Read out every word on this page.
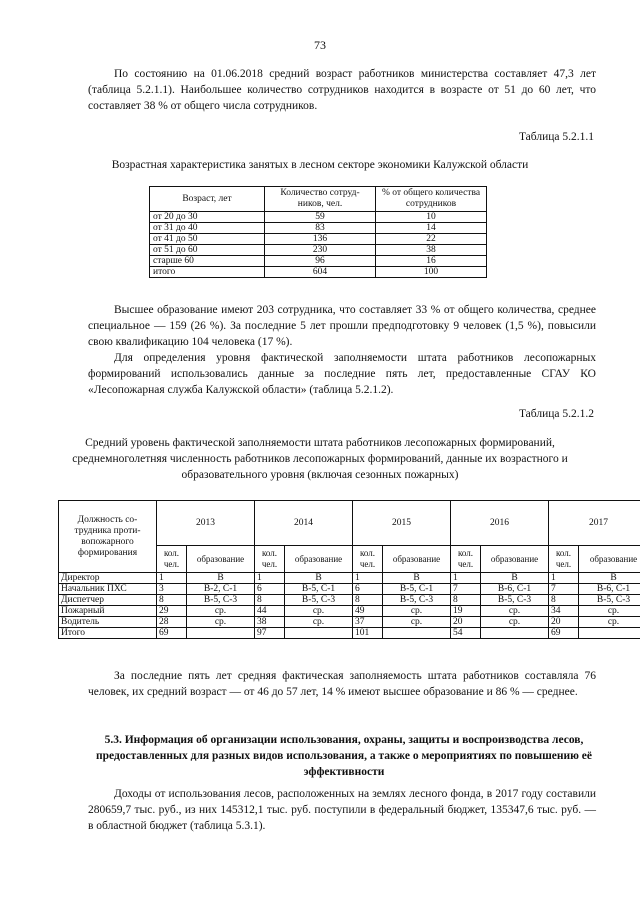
73

По состоянию на 01.06.2018 средний возраст работников министерства составляет 47,3 лет (таблица 5.2.1.1). Наибольшее количество сотрудников находится в возрасте от 51 до 60 лет, что составляет 38 % от общего числа сотрудников.

Таблица 5.2.1.1
Возрастная характеристика занятых в лесном секторе экономики Калужской области
Возраст, лет	Количество сотруд-ников, чел.	% от общего количества сотрудников
от 20 до 30	59	10
от 31 до 40	83	14
от 41 до 50	136	22
от 51 до 60	230	38
старше 60	96	16
итого	604	100

Высшее образование имеют 203 сотрудника, что составляет 33 % от общего количества, среднее специальное — 159 (26 %). За последние 5 лет прошли предподготовку 9 человек (1,5 %), повысили свою квалификацию 104 человека (17 %).

Для определения уровня фактической заполняемости штата работников лесопожарных формирований использовались данные за последние пять лет, предоставленные СГАУ КО «Лесопожарная служба Калужской области» (таблица 5.2.1.2).

Таблица 5.2.1.2
Средний уровень фактической заполняемости штата работников лесопожарных формирований, среднемноголетняя численность работников лесопожарных формирований, данные их возрастного и образовательного уровня (включая сезонных пожарных)
Должность со-трудника проти-вопожарного формирования	2013		2014		2015		2016		2017	
	кол. чел.	образование	кол. чел.	образование	кол. чел.	образование	кол. чел.	образование	кол. чел.	образование
Директор	1	В	1	В	1	В	1	В	1	В
Начальник ПХС	3	В-2, С-1	6	В-5, С-1	6	В-5, С-1	7	В-6, С-1	7	В-6, С-1
Диспетчер	8	В-5, С-3	8	В-5, С-3	8	В-5, С-3	8	В-5, С-3	8	В-5, С-3
Пожарный	29	ср.	44	ср.	49	ср.	19	ср.	34	ср.
Водитель	28	ср.	38	ср.	37	ср.	20	ср.	20	ср.
Итого	69		97		101		54		69	

За последние пять лет средняя фактическая заполняемость штата работников составляла 76 человек, их средний возраст — от 46 до 57 лет, 14 % имеют высшее образование и 86 % — среднее.

5.3. Информация об организации использования, охраны, защиты и воспроизводства лесов, предоставленных для разных видов использования, а также о мероприятиях по повышению её эффективности

Доходы от использования лесов, расположенных на землях лесного фонда, в 2017 году составили 280659,7 тыс. руб., из них 145312,1 тыс. руб. поступили в федеральный бюджет, 135347,6 тыс. руб. — в областной бюджет (таблица 5.3.1).
